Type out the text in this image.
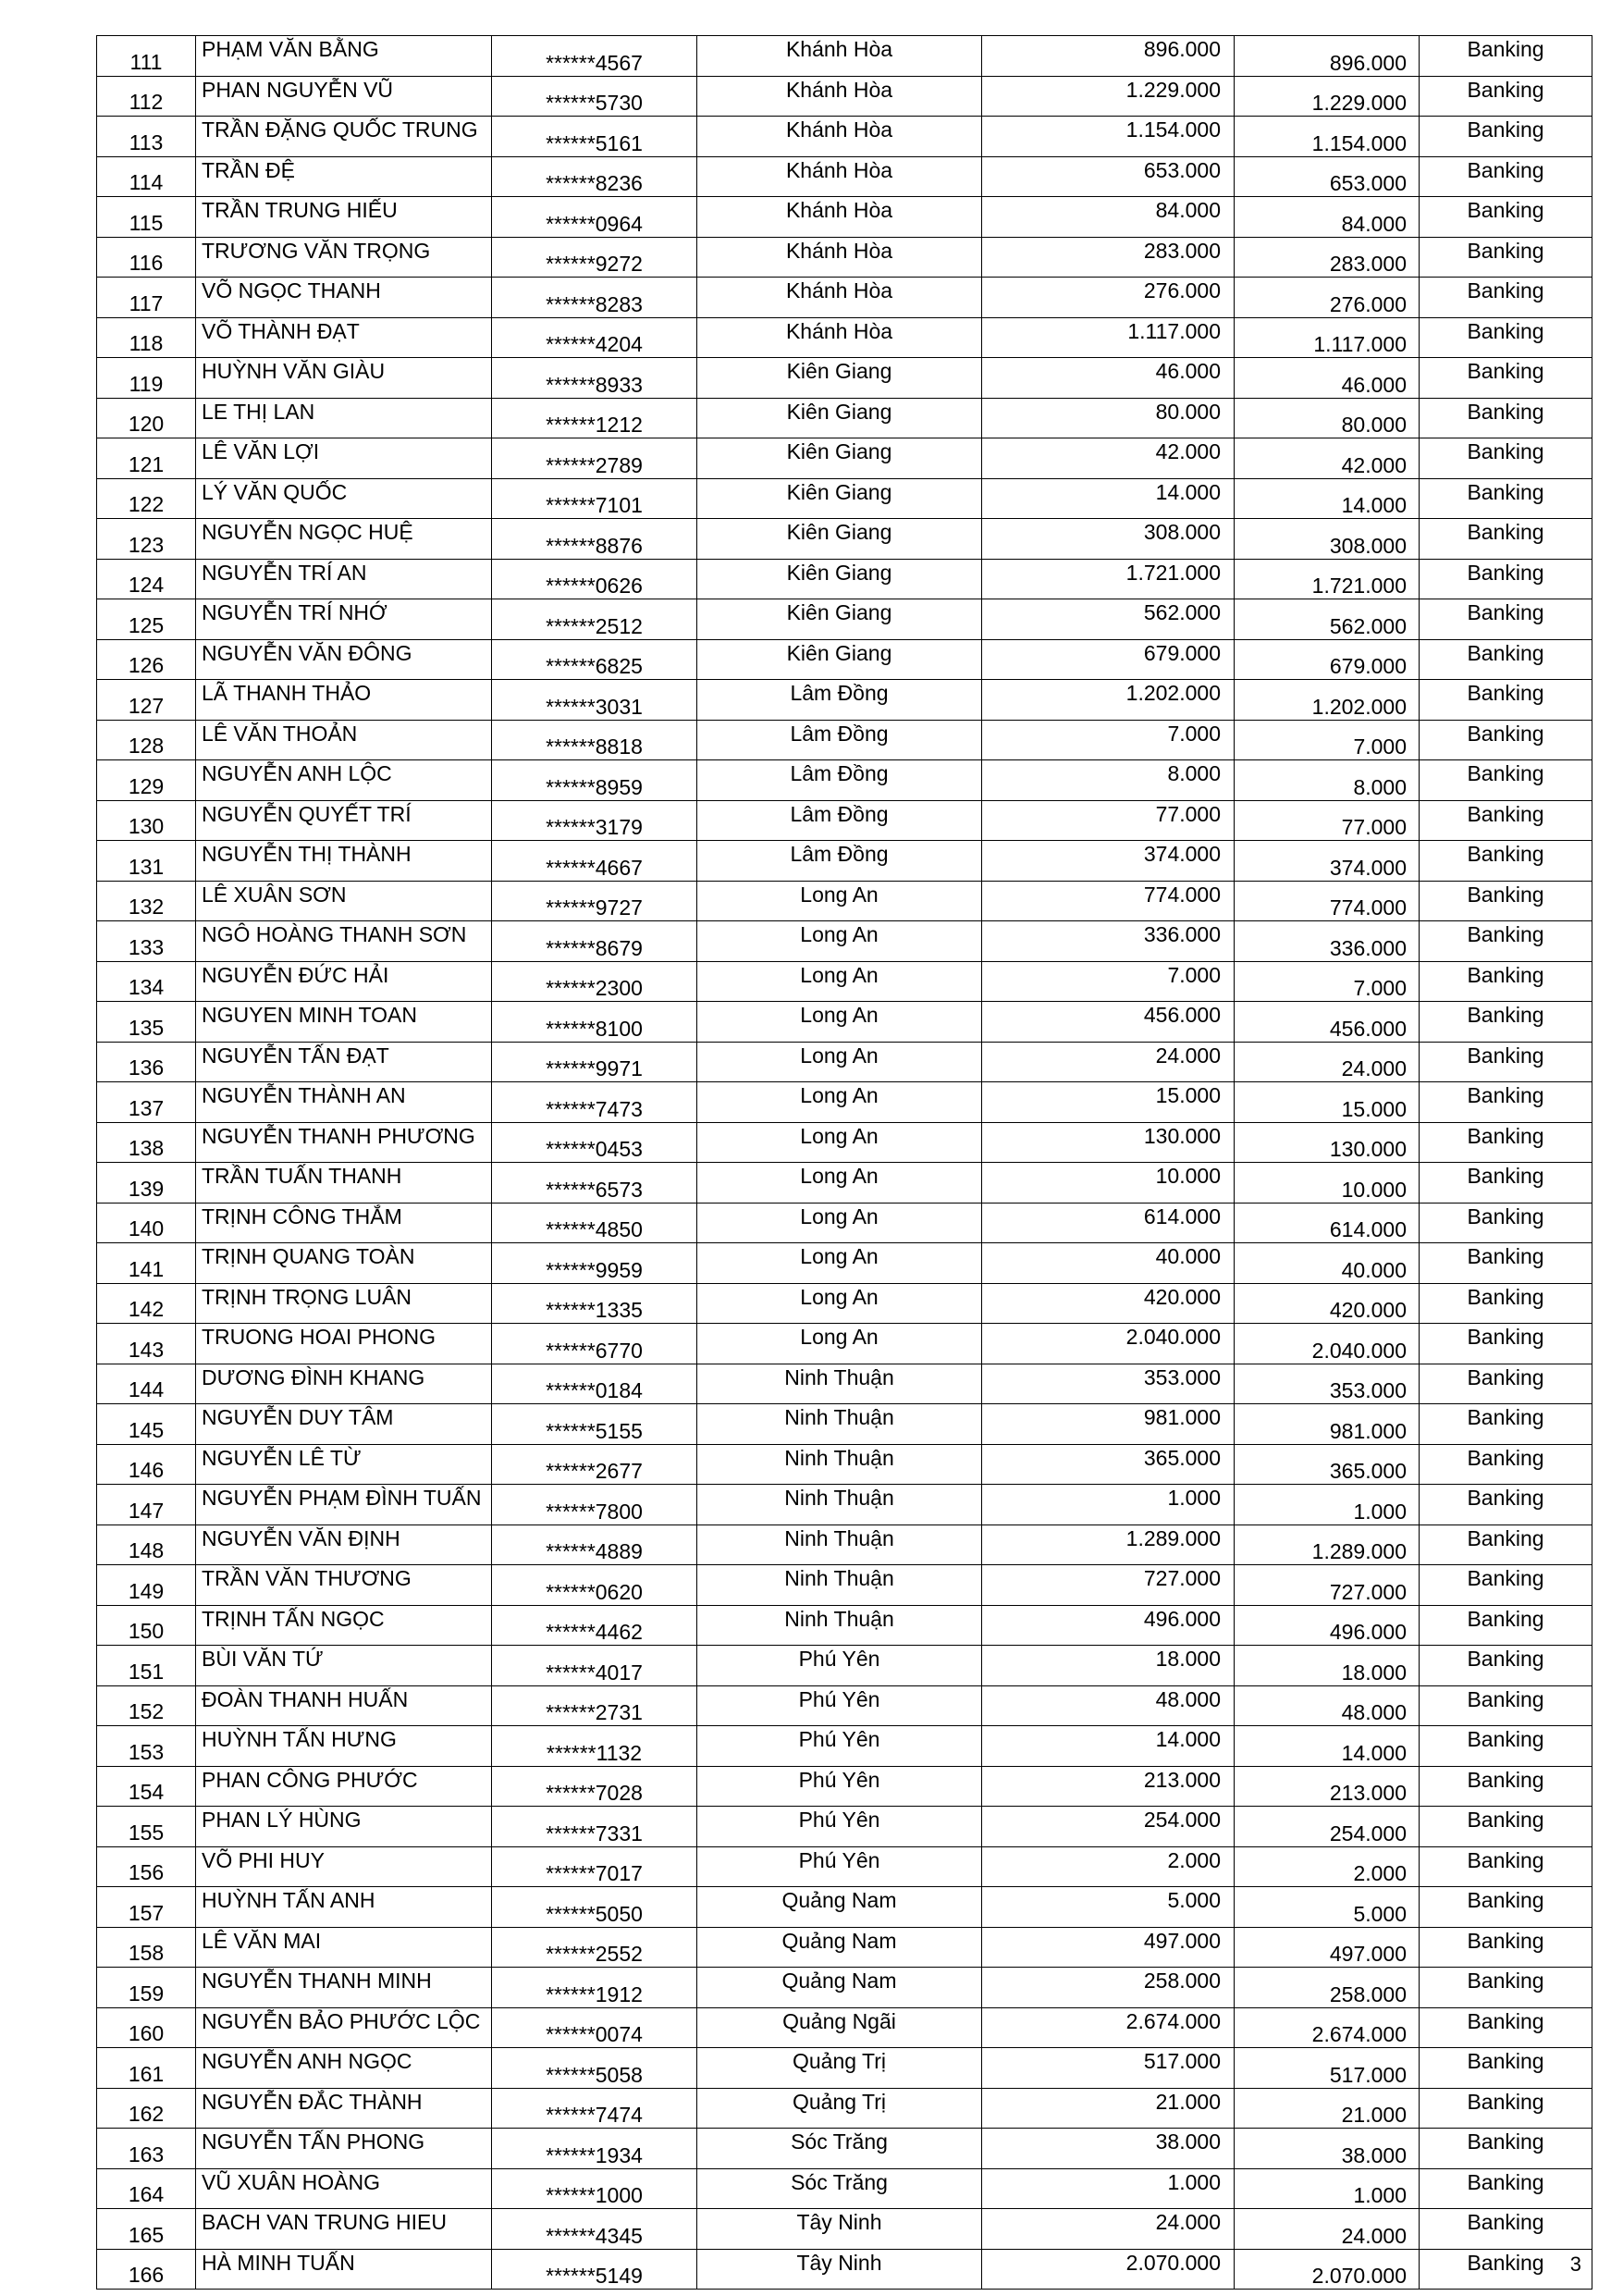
111	PHẠM VĂN BẰNG	******4567	Khánh Hòa	896.000	896.000	Banking
112	PHAN NGUYỄN VŨ	******5730	Khánh Hòa	1.229.000	1.229.000	Banking
113	TRẦN ĐẶNG QUỐC TRUNG	******5161	Khánh Hòa	1.154.000	1.154.000	Banking
114	TRẦN ĐỆ	******8236	Khánh Hòa	653.000	653.000	Banking
115	TRẦN TRUNG HIẾU	******0964	Khánh Hòa	84.000	84.000	Banking
116	TRƯƠNG VĂN TRỌNG	******9272	Khánh Hòa	283.000	283.000	Banking
117	VÕ NGỌC THANH	******8283	Khánh Hòa	276.000	276.000	Banking
118	VÕ THÀNH ĐẠT	******4204	Khánh Hòa	1.117.000	1.117.000	Banking
119	HUỲNH VĂN GIÀU	******8933	Kiên Giang	46.000	46.000	Banking
120	LE THỊ LAN	******1212	Kiên Giang	80.000	80.000	Banking
121	LÊ VĂN LỢI	******2789	Kiên Giang	42.000	42.000	Banking
122	LÝ VĂN QUỐC	******7101	Kiên Giang	14.000	14.000	Banking
123	NGUYỄN NGỌC HUỆ	******8876	Kiên Giang	308.000	308.000	Banking
124	NGUYỄN TRÍ AN	******0626	Kiên Giang	1.721.000	1.721.000	Banking
125	NGUYỄN TRÍ NHỚ	******2512	Kiên Giang	562.000	562.000	Banking
126	NGUYỄN VĂN ĐÔNG	******6825	Kiên Giang	679.000	679.000	Banking
127	LÃ THANH THẢO	******3031	Lâm Đồng	1.202.000	1.202.000	Banking
128	LÊ VĂN THOẢN	******8818	Lâm Đồng	7.000	7.000	Banking
129	NGUYỄN ANH LỘC	******8959	Lâm Đồng	8.000	8.000	Banking
130	NGUYỄN QUYẾT TRÍ	******3179	Lâm Đồng	77.000	77.000	Banking
131	NGUYỄN THỊ THÀNH	******4667	Lâm Đồng	374.000	374.000	Banking
132	LÊ XUÂN SƠN	******9727	Long An	774.000	774.000	Banking
133	NGÔ HOÀNG THANH SƠN	******8679	Long An	336.000	336.000	Banking
134	NGUYỄN ĐỨC HẢI	******2300	Long An	7.000	7.000	Banking
135	NGUYEN MINH TOAN	******8100	Long An	456.000	456.000	Banking
136	NGUYỄN TẤN ĐẠT	******9971	Long An	24.000	24.000	Banking
137	NGUYỄN THÀNH AN	******7473	Long An	15.000	15.000	Banking
138	NGUYỄN THANH PHƯƠNG	******0453	Long An	130.000	130.000	Banking
139	TRẦN TUẤN THANH	******6573	Long An	10.000	10.000	Banking
140	TRỊNH CÔNG THẮM	******4850	Long An	614.000	614.000	Banking
141	TRỊNH QUANG TOÀN	******9959	Long An	40.000	40.000	Banking
142	TRỊNH TRỌNG LUÂN	******1335	Long An	420.000	420.000	Banking
143	TRUONG HOAI PHONG	******6770	Long An	2.040.000	2.040.000	Banking
144	DƯƠNG ĐÌNH KHANG	******0184	Ninh Thuận	353.000	353.000	Banking
145	NGUYỄN DUY TÂM	******5155	Ninh Thuận	981.000	981.000	Banking
146	NGUYỄN LÊ TỪ	******2677	Ninh Thuận	365.000	365.000	Banking
147	NGUYỄN PHẠM ĐÌNH TUẤN	******7800	Ninh Thuận	1.000	1.000	Banking
148	NGUYỄN VĂN ĐỊNH	******4889	Ninh Thuận	1.289.000	1.289.000	Banking
149	TRẦN VĂN THƯƠNG	******0620	Ninh Thuận	727.000	727.000	Banking
150	TRỊNH TẤN NGỌC	******4462	Ninh Thuận	496.000	496.000	Banking
151	BÙI VĂN TỨ	******4017	Phú Yên	18.000	18.000	Banking
152	ĐOÀN THANH HUẤN	******2731	Phú Yên	48.000	48.000	Banking
153	HUỲNH TẤN HƯNG	******1132	Phú Yên	14.000	14.000	Banking
154	PHAN CÔNG PHƯỚC	******7028	Phú Yên	213.000	213.000	Banking
155	PHAN LÝ HÙNG	******7331	Phú Yên	254.000	254.000	Banking
156	VÕ PHI HUY	******7017	Phú Yên	2.000	2.000	Banking
157	HUỲNH TẤN ANH	******5050	Quảng Nam	5.000	5.000	Banking
158	LÊ VĂN MAI	******2552	Quảng Nam	497.000	497.000	Banking
159	NGUYỄN THANH MINH	******1912	Quảng Nam	258.000	258.000	Banking
160	NGUYỄN BẢO PHƯỚC LỘC	******0074	Quảng Ngãi	2.674.000	2.674.000	Banking
161	NGUYỄN ANH NGỌC	******5058	Quảng Trị	517.000	517.000	Banking
162	NGUYỄN ĐẮC THÀNH	******7474	Quảng Trị	21.000	21.000	Banking
163	NGUYỄN TẤN PHONG	******1934	Sóc Trăng	38.000	38.000	Banking
164	VŨ XUÂN HOÀNG	******1000	Sóc Trăng	1.000	1.000	Banking
165	BACH VAN TRUNG HIEU	******4345	Tây Ninh	24.000	24.000	Banking
166	HÀ MINH TUẤN	******5149	Tây Ninh	2.070.000	2.070.000	Banking 3
